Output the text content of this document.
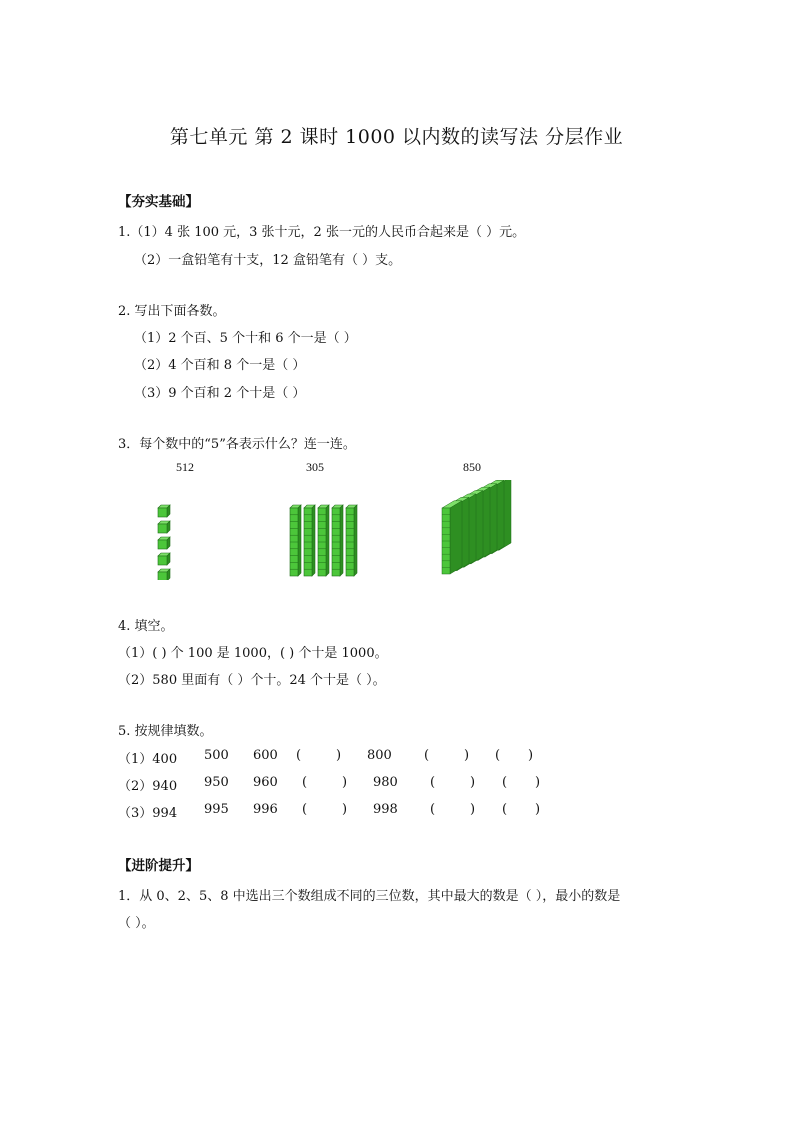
第七单元 第 2 课时 1000 以内数的读写法 分层作业
【夯实基础】
1.（1）4 张 100 元，3 张十元，2 张一元的人民币合起来是（ ）元。
（2）一盒铅笔有十支，12 盒铅笔有（ ）支。
2. 写出下面各数。
（1）2 个百、5 个十和 6 个一是（ ）
（2）4 个百和 8 个一是（ ）
（3）9 个百和 2 个十是（ ）
3．每个数中的“5”各表示什么？连一连。
512	305	850
4. 填空。
（1）( ) 个 100 是 1000，( ) 个十是 1000。
（2）580 里面有（ ）个十。24 个十是（ ）。
5. 按规律填数。
（1）400 500 600 (	) 800 (	) ( )
（2）940 950 960 (	) 980 (	) ( )
（3）994 995 996 (	) 998 (	) ( )
【进阶提升】
1．从 0、2、5、8 中选出三个数组成不同的三位数，其中最大的数是（ ），最小的数是
（ ）。
